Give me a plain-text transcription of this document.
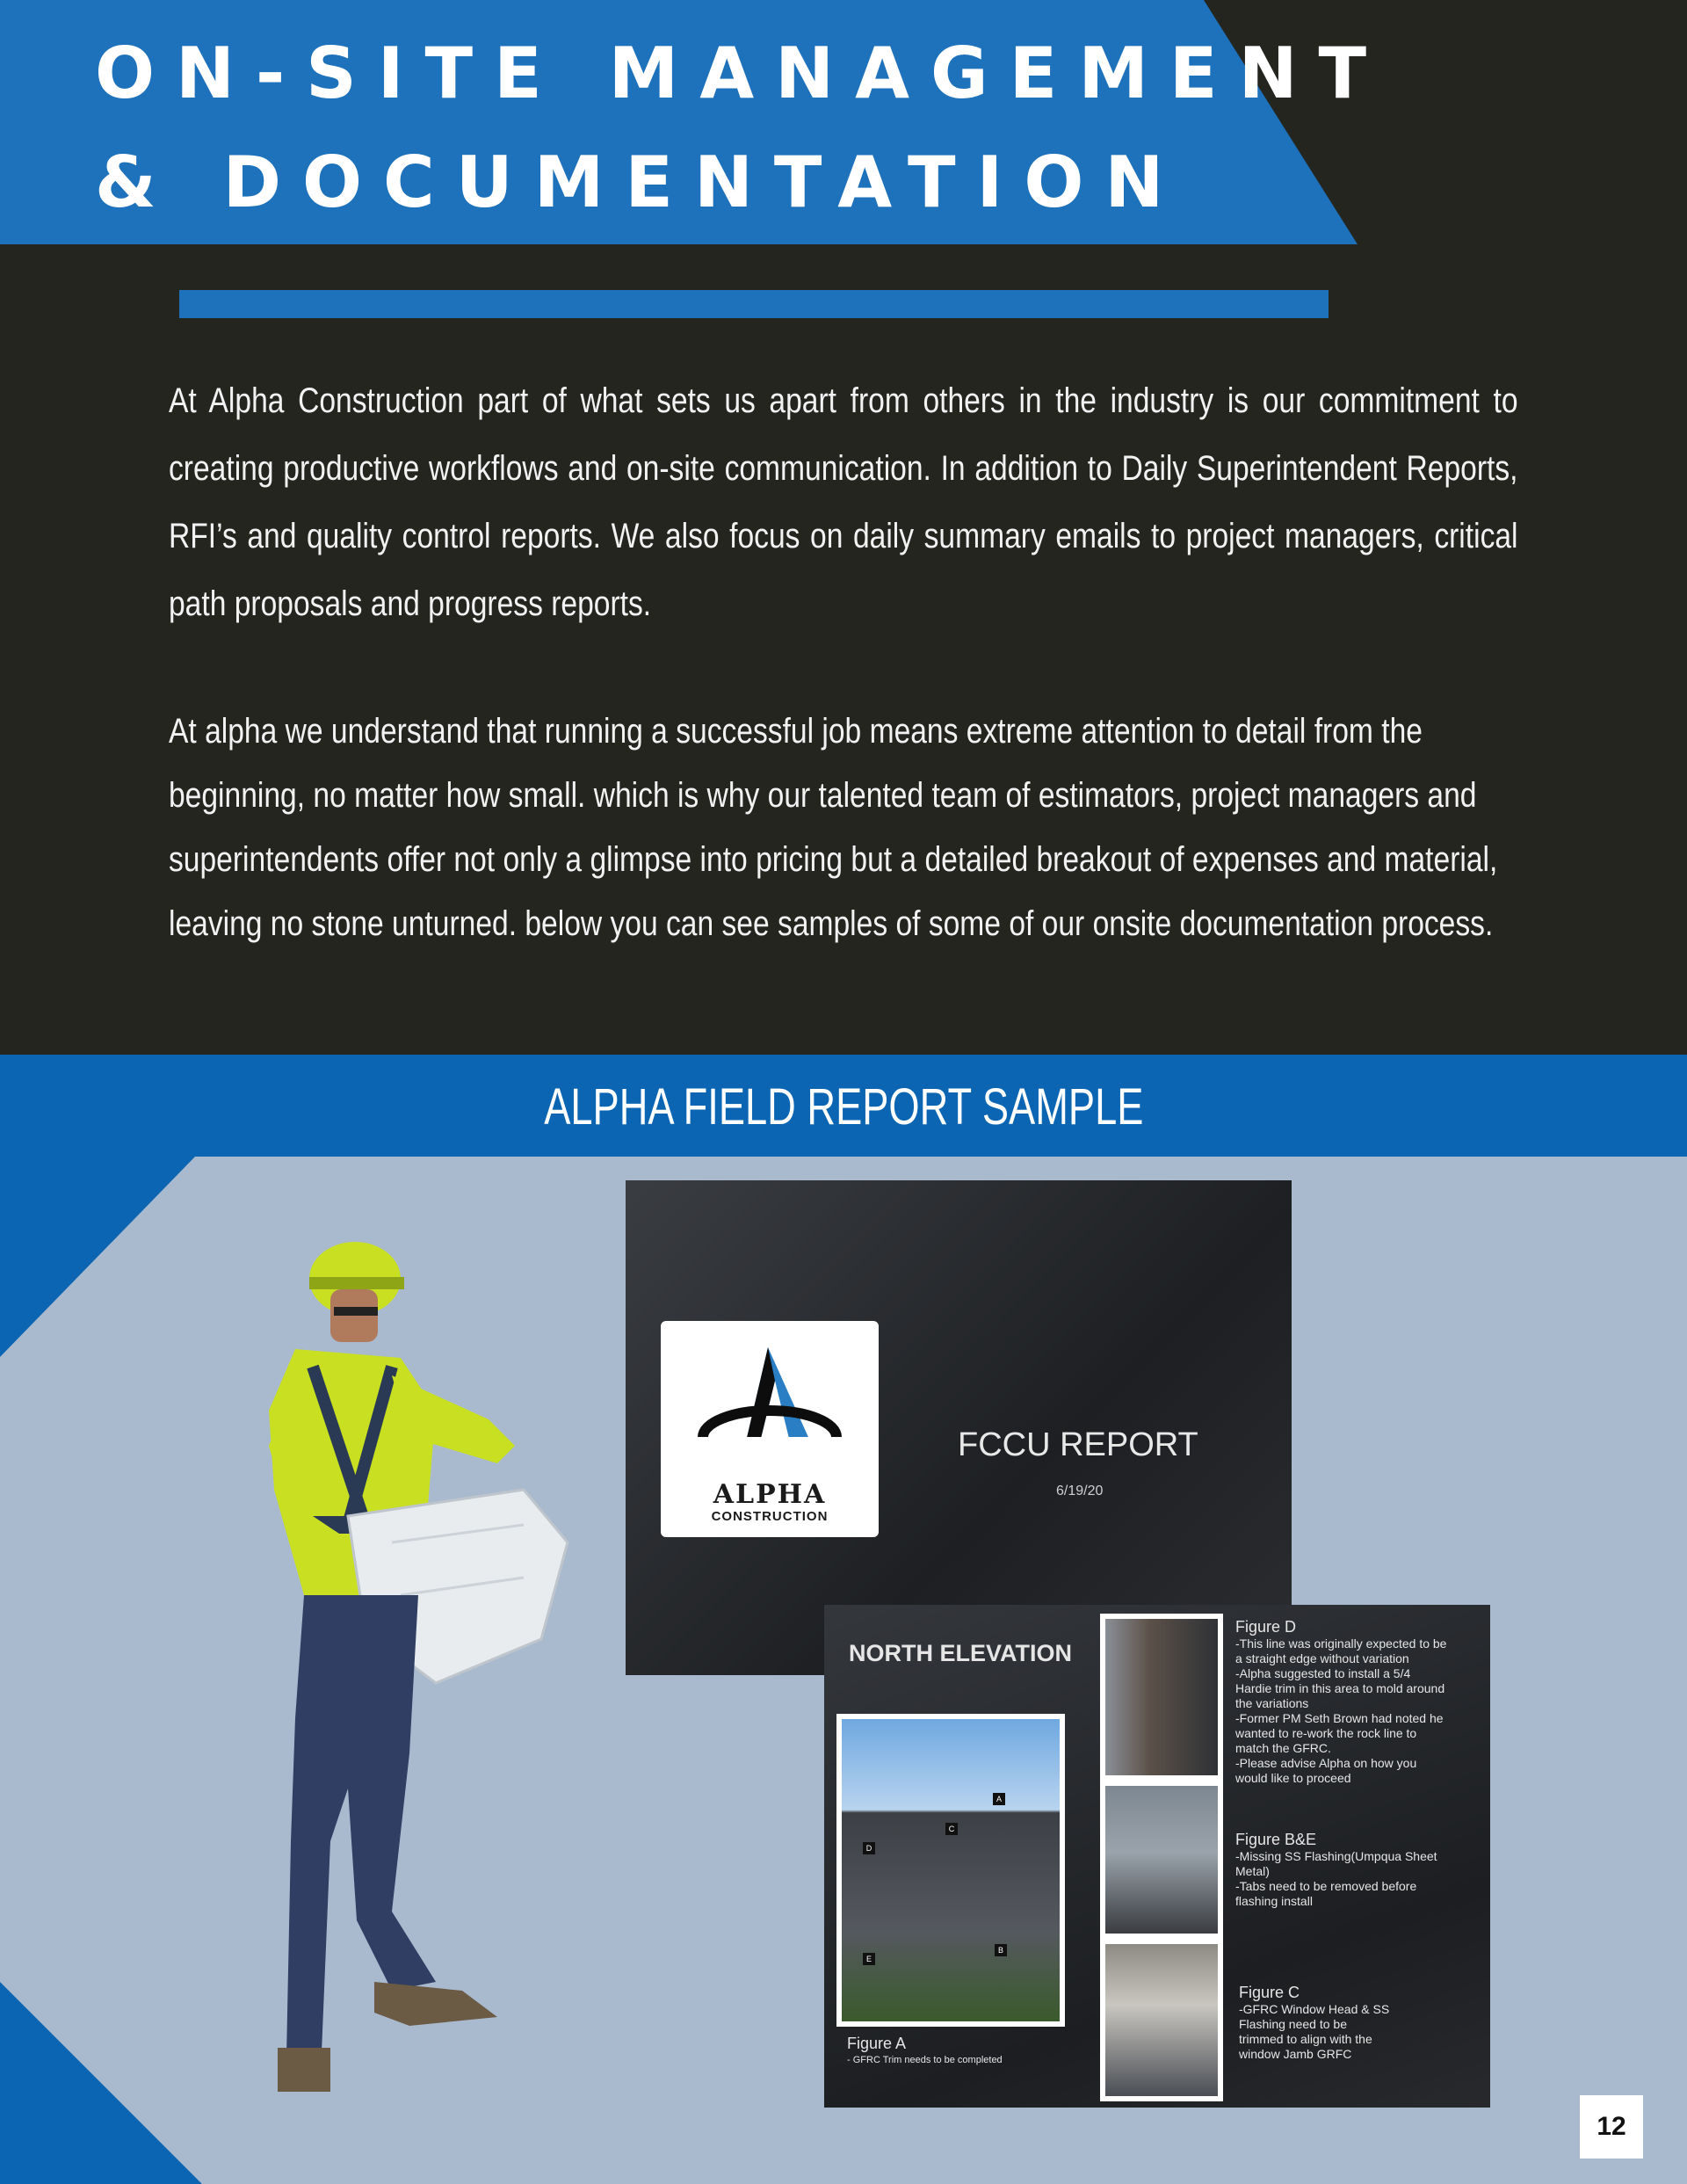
ON-SITE MANAGEMENT
& DOCUMENTATION

At Alpha Construction part of what sets us apart from others in the industry is our commitment to creating productive workflows and on-site communication. In addition to Daily Superintendent Reports, RFI’s and quality control reports. We also focus on daily summary emails to project managers, critical path proposals and progress reports.

At alpha we understand that running a successful job means extreme attention to detail from the beginning, no matter how small. which is why our talented team of estimators, project managers and superintendents offer not only a glimpse into pricing but a detailed breakout of expenses and material, leaving no stone unturned. below you can see samples of some of our onsite documentation process.

ALPHA FIELD REPORT SAMPLE
ALPHA
CONSTRUCTION
FCCU REPORT
6/19/20
NORTH ELEVATION
A
B
C
D
E
Figure A
- GFRC Trim needs to be completed
Figure D
-This line was originally expected to be
a straight edge without variation
-Alpha suggested to install a 5/4
Hardie trim in this area to mold around
the variations
-Former PM Seth Brown had noted he
wanted to re-work the rock line to
match the GFRC.
-Please advise Alpha on how you
would like to proceed
Figure B&E
-Missing SS Flashing(Umpqua Sheet
Metal)
-Tabs need to be removed before
flashing install
Figure C
-GFRC Window Head & SS
Flashing need to be
trimmed to align with the
window Jamb GRFC
12
